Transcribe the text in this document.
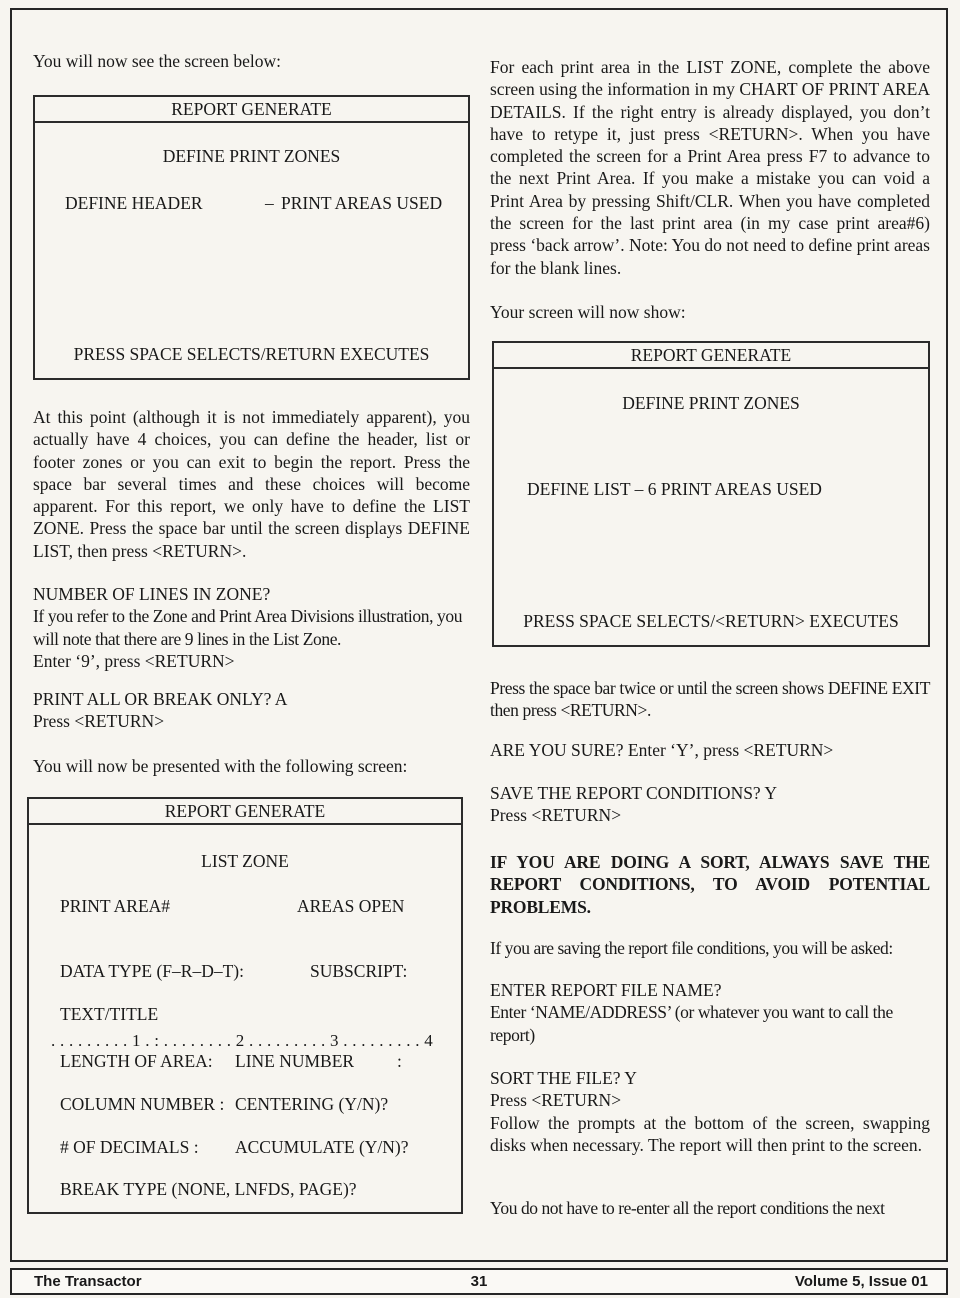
You will now see the screen below:
REPORT GENERATE
DEFINE PRINT ZONES
DEFINE HEADER	– PRINT AREAS USED
PRESS SPACE SELECTS/RETURN EXECUTES
At this point (although it is not immediately apparent), you actually have 4 choices, you can define the header, list or footer zones or you can exit to begin the report. Press the space bar several times and these choices will become apparent. For this report, we only have to define the LIST ZONE. Press the space bar until the screen displays DEFINE LIST, then press <RETURN>.
NUMBER OF LINES IN ZONE?
If you refer to the Zone and Print Area Divisions illustration, you will note that there are 9 lines in the List Zone.
Enter ‘9’, press <RETURN>
PRINT ALL OR BREAK ONLY? A
Press <RETURN>
You will now be presented with the following screen:
REPORT GENERATE
LIST ZONE
PRINT AREA#	AREAS OPEN
DATA TYPE (F–R–D–T):	SUBSCRIPT:
TEXT/TITLE
. . . . . . . . . 1 . : . . . . . . . . 2 . . . . . . . . . 3 . . . . . . . . . 4
LENGTH OF AREA: LINE NUMBER :
COLUMN NUMBER : CENTERING (Y/N)?
# OF DECIMALS : ACCUMULATE (Y/N)?
BREAK TYPE (NONE, LNFDS, PAGE)?
For each print area in the LIST ZONE, complete the above screen using the information in my CHART OF PRINT AREA DETAILS. If the right entry is already displayed, you don’t have to retype it, just press <RETURN>. When you have completed the screen for a Print Area press F7 to advance to the next Print Area. If you make a mistake you can void a Print Area by pressing Shift/CLR. When you have completed the screen for the last print area (in my case print area#6) press ‘back arrow’. Note: You do not need to define print areas for the blank lines.
Your screen will now show:
REPORT GENERATE
DEFINE PRINT ZONES
DEFINE LIST – 6 PRINT AREAS USED
PRESS SPACE SELECTS/<RETURN> EXECUTES
Press the space bar twice or until the screen shows DEFINE EXIT then press <RETURN>.
ARE YOU SURE? Enter ‘Y’, press <RETURN>
SAVE THE REPORT CONDITIONS? Y
Press <RETURN>
IF YOU ARE DOING A SORT, ALWAYS SAVE THE REPORT CONDITIONS, TO AVOID POTENTIAL PROBLEMS.
If you are saving the report file conditions, you will be asked:
ENTER REPORT FILE NAME?
Enter ‘NAME/ADDRESS’ (or whatever you want to call the report)
SORT THE FILE? Y
Press <RETURN>
Follow the prompts at the bottom of the screen, swapping disks when necessary. The report will then print to the screen.
You do not have to re-enter all the report conditions the next
The Transactor	31	Volume 5, Issue 01
